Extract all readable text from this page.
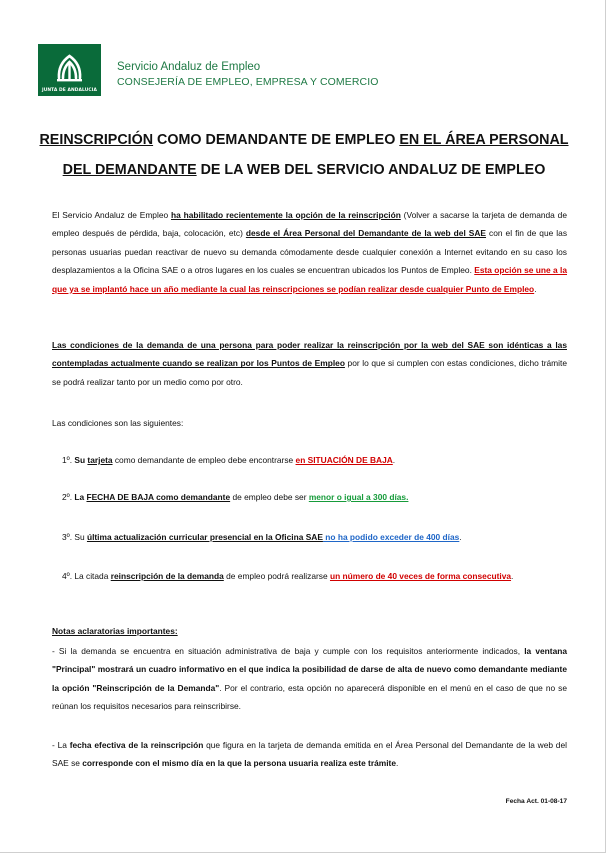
JUNTA DE ANDALUCIA
Servicio Andaluz de Empleo
CONSEJERÍA DE EMPLEO, EMPRESA Y COMERCIO
REINSCRIPCIÓN COMO DEMANDANTE DE EMPLEO EN EL ÁREA PERSONAL
DEL DEMANDANTE DE LA WEB DEL SERVICIO ANDALUZ DE EMPLEO
El Servicio Andaluz de Empleo ha habilitado recientemente la opción de la reinscripción (Volver a sacarse la tarjeta de demanda de empleo después de pérdida, baja, colocación, etc) desde el Área Personal del Demandante de la web del SAE con el fin de que las personas usuarias puedan reactivar de nuevo su demanda cómodamente desde cualquier conexión a Internet evitando en su caso los desplazamientos a la Oficina SAE o a otros lugares en los cuales se encuentran ubicados los Puntos de Empleo. Esta opción se une a la que ya se implantó hace un año mediante la cual las reinscripciones se podían realizar desde cualquier Punto de Empleo.
Las condiciones de la demanda de una persona para poder realizar la reinscripción por la web del SAE son idénticas a las contempladas actualmente cuando se realizan por los Puntos de Empleo por lo que si cumplen con estas condiciones, dicho trámite se podrá realizar tanto por un medio como por otro.
Las condiciones son las siguientes:
1º. Su tarjeta como demandante de empleo debe encontrarse en SITUACIÓN DE BAJA.
2º. La FECHA DE BAJA como demandante de empleo debe ser menor o igual a 300 días.
3º. Su última actualización curricular presencial en la Oficina SAE no ha podido exceder de 400 días.
4º. La citada reinscripción de la demanda de empleo podrá realizarse un número de 40 veces de forma consecutiva.
Notas aclaratorias importantes:
- Si la demanda se encuentra en situación administrativa de baja y cumple con los requisitos anteriormente indicados, la ventana "Principal" mostrará un cuadro informativo en el que indica la posibilidad de darse de alta de nuevo como demandante mediante la opción "Reinscripción de la Demanda". Por el contrario, esta opción no aparecerá disponible en el menú en el caso de que no se reúnan los requisitos necesarios para reinscribirse.
- La fecha efectiva de la reinscripción que figura en la tarjeta de demanda emitida en el Área Personal del Demandante de la web del SAE se corresponde con el mismo día en la que la persona usuaria realiza este trámite.
Fecha Act. 01-08-17
